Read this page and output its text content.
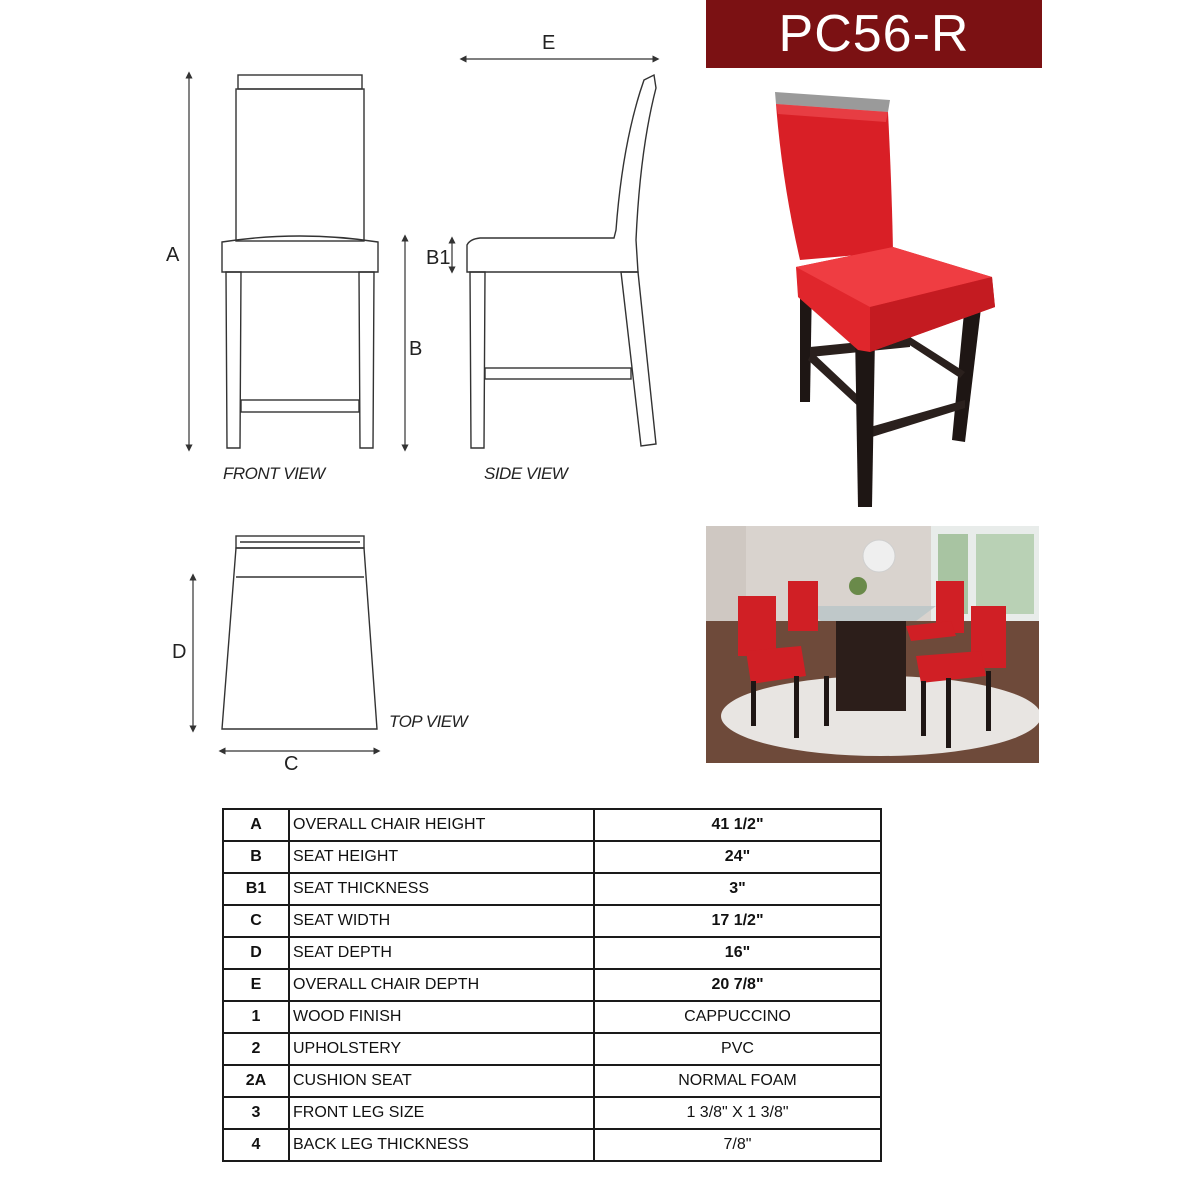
PC56-R
A
B
B1
E
D
C
FRONT VIEW	SIDE VIEW
TOP VIEW
A	OVERALL CHAIR HEIGHT	41 1/2"
B	SEAT HEIGHT	24"
B1	SEAT THICKNESS	3"
C	SEAT WIDTH	17 1/2"
D	SEAT DEPTH	16"
E	OVERALL CHAIR DEPTH	20 7/8"
1	WOOD FINISH	CAPPUCCINO
2	UPHOLSTERY	PVC
2A	CUSHION SEAT	NORMAL FOAM
3	FRONT LEG SIZE	1 3/8" X 1 3/8"
4	BACK LEG THICKNESS	7/8"
